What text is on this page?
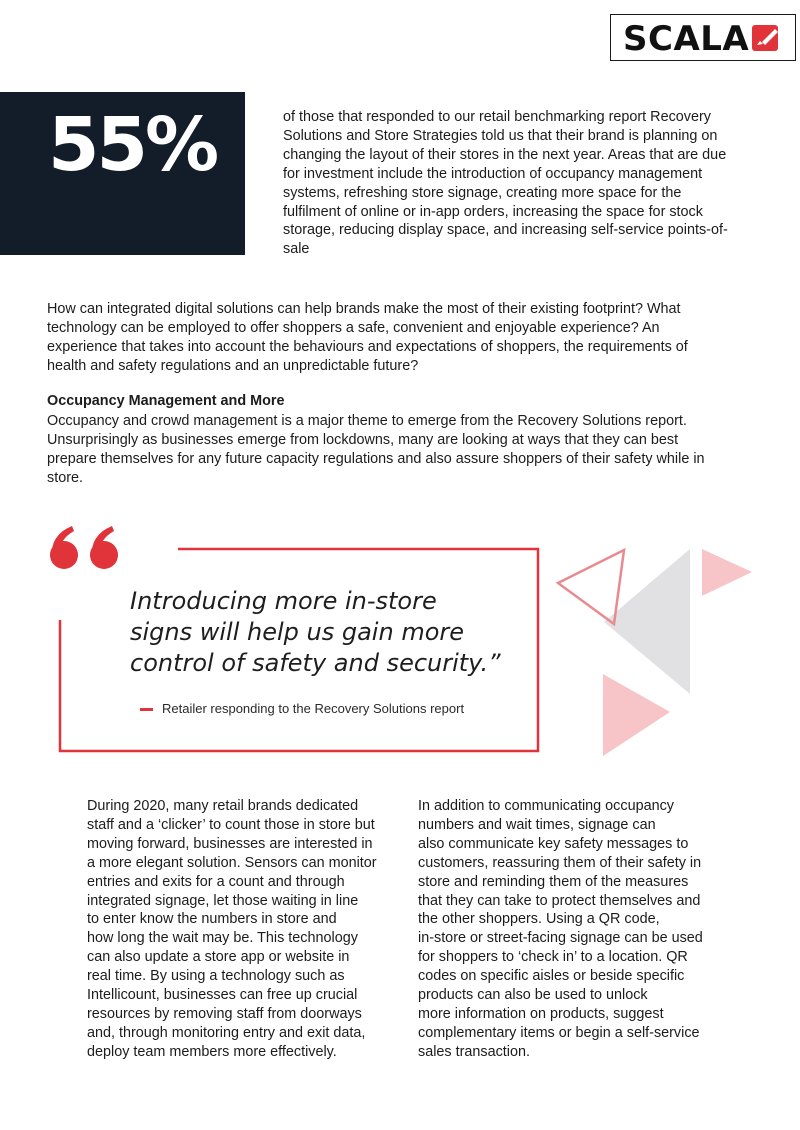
SCALA
55%	of those that responded to our retail benchmarking report Recovery
Solutions and Store Strategies told us that their brand is planning on
changing the layout of their stores in the next year. Areas that are due
for investment include the introduction of occupancy management
systems, refreshing store signage, creating more space for the
fulfilment of online or in-app orders, increasing the space for stock
storage, reducing display space, and increasing self-service points-of-
sale
How can integrated digital solutions can help brands make the most of their existing footprint? What
technology can be employed to offer shoppers a safe, convenient and enjoyable experience? An
experience that takes into account the behaviours and expectations of shoppers, the requirements of
health and safety regulations and an unpredictable future?
Occupancy Management and More
Occupancy and crowd management is a major theme to emerge from the Recovery Solutions report.
Unsurprisingly as businesses emerge from lockdowns, many are looking at ways that they can best
prepare themselves for any future capacity regulations and also assure shoppers of their safety while in
store.
Introducing more in-store
signs will help us gain more
control of safety and security.”
Retailer responding to the Recovery Solutions report
During 2020, many retail brands dedicated
staff and a ‘clicker’ to count those in store but
moving forward, businesses are interested in
a more elegant solution. Sensors can monitor
entries and exits for a count and through
integrated signage, let those waiting in line
to enter know the numbers in store and
how long the wait may be. This technology
can also update a store app or website in
real time. By using a technology such as
Intellicount, businesses can free up crucial
resources by removing staff from doorways
and, through monitoring entry and exit data,
deploy team members more effectively.
In addition to communicating occupancy
numbers and wait times, signage can
also communicate key safety messages to
customers, reassuring them of their safety in
store and reminding them of the measures
that they can take to protect themselves and
the other shoppers. Using a QR code,
in-store or street-facing signage can be used
for shoppers to ‘check in’ to a location. QR
codes on specific aisles or beside specific
products can also be used to unlock
more information on products, suggest
complementary items or begin a self-service
sales transaction.
